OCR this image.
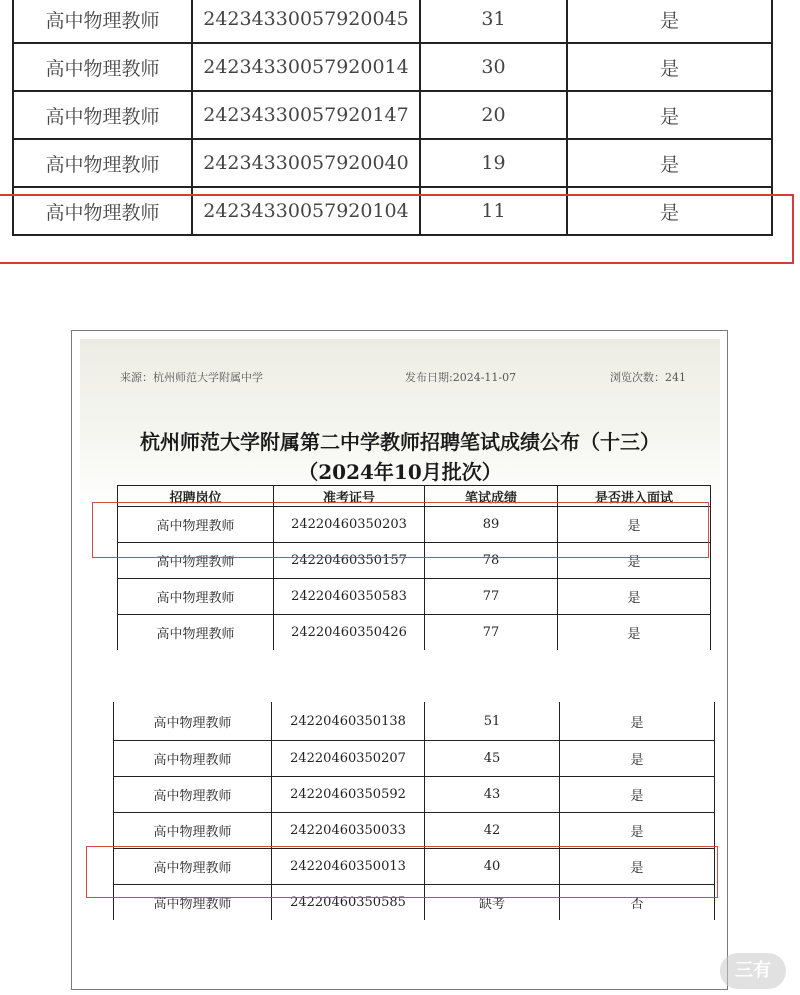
高中物理教师	24234330057920045	31	是
高中物理教师	24234330057920014	30	是
高中物理教师	24234330057920147	20	是
高中物理教师	24234330057920040	19	是
高中物理教师	24234330057920104	11	是
来源：杭州师范大学附属中学	发布日期:2024-11-07	浏览次数：241
杭州师范大学附属第二中学教师招聘笔试成绩公布（十三）
（2024年10月批次）
招聘岗位	准考证号	笔试成绩	是否进入面试
高中物理教师	24220460350203	89	是
高中物理教师	24220460350157	78	是
高中物理教师	24220460350583	77	是
高中物理教师	24220460350426	77	是
高中物理教师	24220460350138	51	是
高中物理教师	24220460350207	45	是
高中物理教师	24220460350592	43	是
高中物理教师	24220460350033	42	是
高中物理教师	24220460350013	40	是
高中物理教师	24220460350585	缺考	否
三有
